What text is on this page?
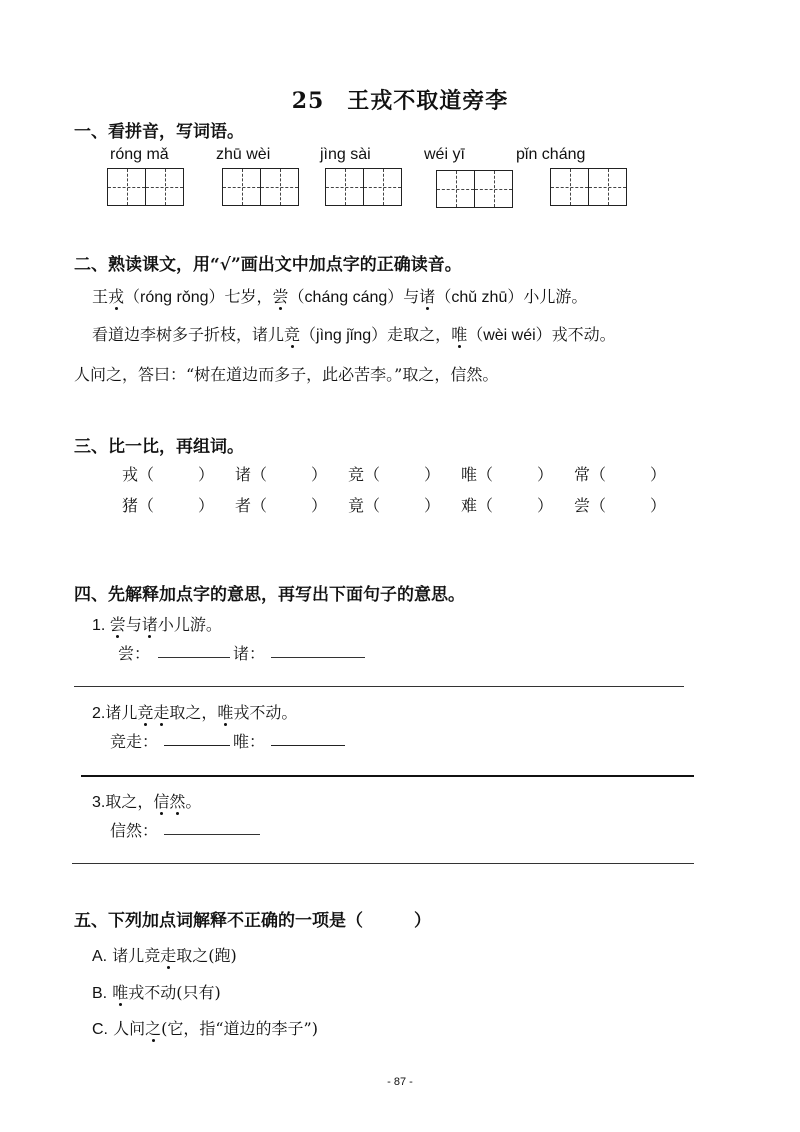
25　王戎不取道旁李
一、看拼音，写词语。
róng mǎ	zhū wèi	jìng sài	wéi yī	pǐn cháng
二、熟读课文，用“√”画出文中加点字的正确读音。
王戎（róng rǒng）七岁，尝（cháng cáng）与诸（chǔ zhū）小儿游。
看道边李树多子折枝，诸儿竞（jìng jǐng）走取之，唯（wèi wéi）戎不动。
人问之，答曰：“树在道边而多子，此必苦李。”取之，信然。
三、比一比，再组词。
戎（	） 诸（	） 竞（	） 唯（	） 常（	）
猪（	） 者（	） 竟（	） 难（	） 尝（	）
四、先解释加点字的意思，再写出下面句子的意思。
1. 尝与诸小儿游。
尝：	诸：
2.诸儿竞走取之，唯戎不动。
竞走：	唯：
3.取之，信然。
信然：
五、下列加点词解释不正确的一项是（　　　）
A. 诸儿竞走取之(跑)
B. 唯戎不动(只有)
C. 人问之(它，指“道边的李子”)
- 87 -
